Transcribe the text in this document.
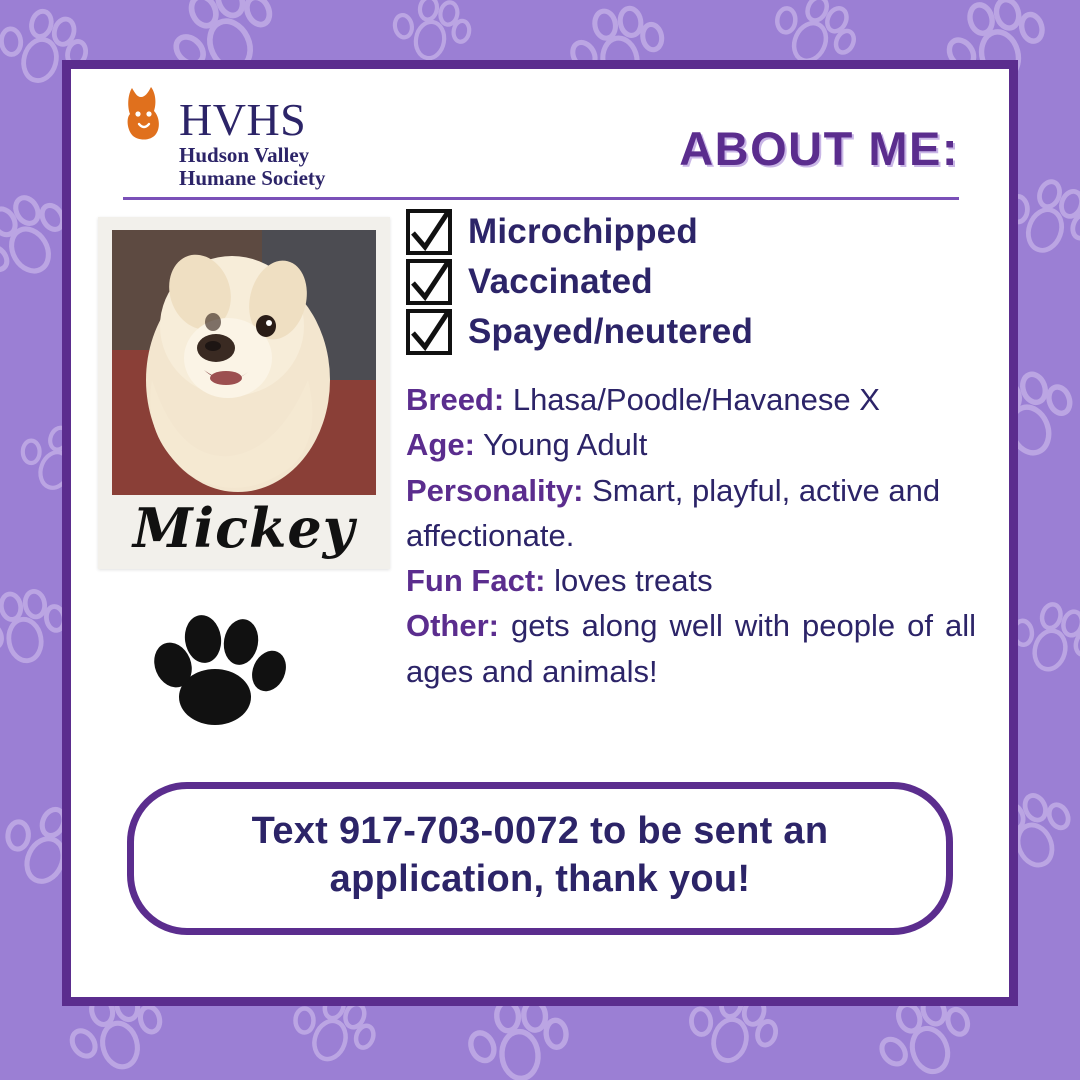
HVHS
Hudson Valley
Humane Society
ABOUT ME:
Mickey
Microchipped
Vaccinated
Spayed/neutered

Breed: Lhasa/Poodle/Havanese X

Age: Young Adult

Personality: Smart, playful, active and affectionate.

Fun Fact: loves treats

Other: gets along well with people of all ages and animals!

Text 917-703-0072 to be sent an
application, thank you!
